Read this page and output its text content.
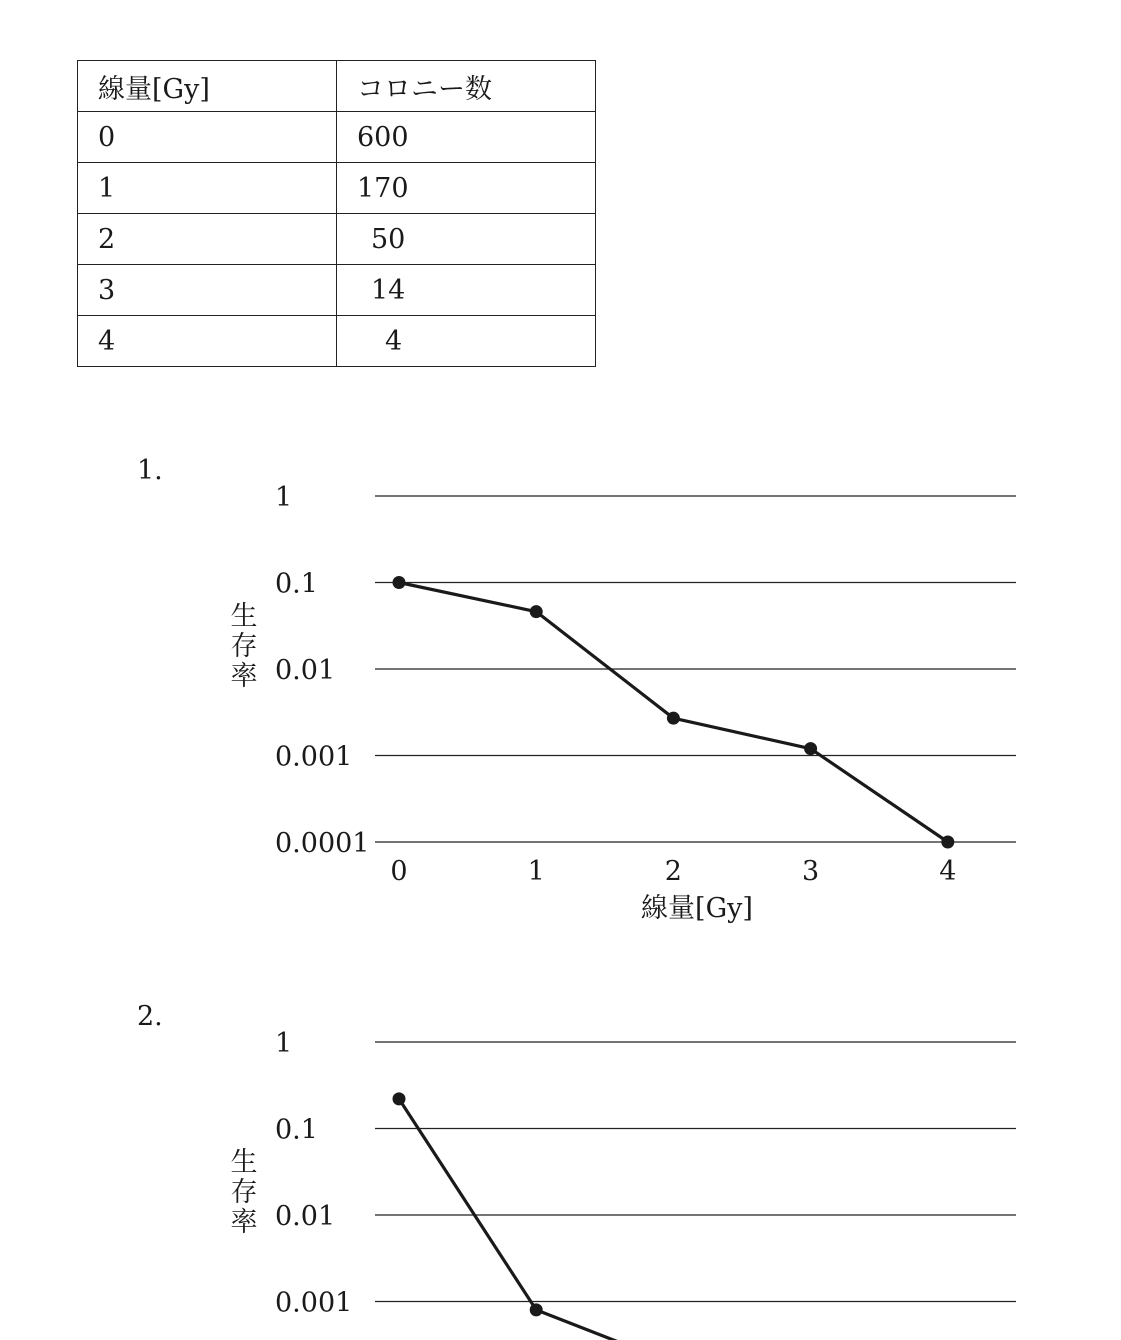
線量[Gy]	コロニー数
0	600
1	170
2	50
3	14
4	4
1.
1
0.1
0.01
0.001
0.0001
0	1	2	3	4
線量[Gy]
生
存
率
2.
1
0.1
0.01
0.001
生
存
率
